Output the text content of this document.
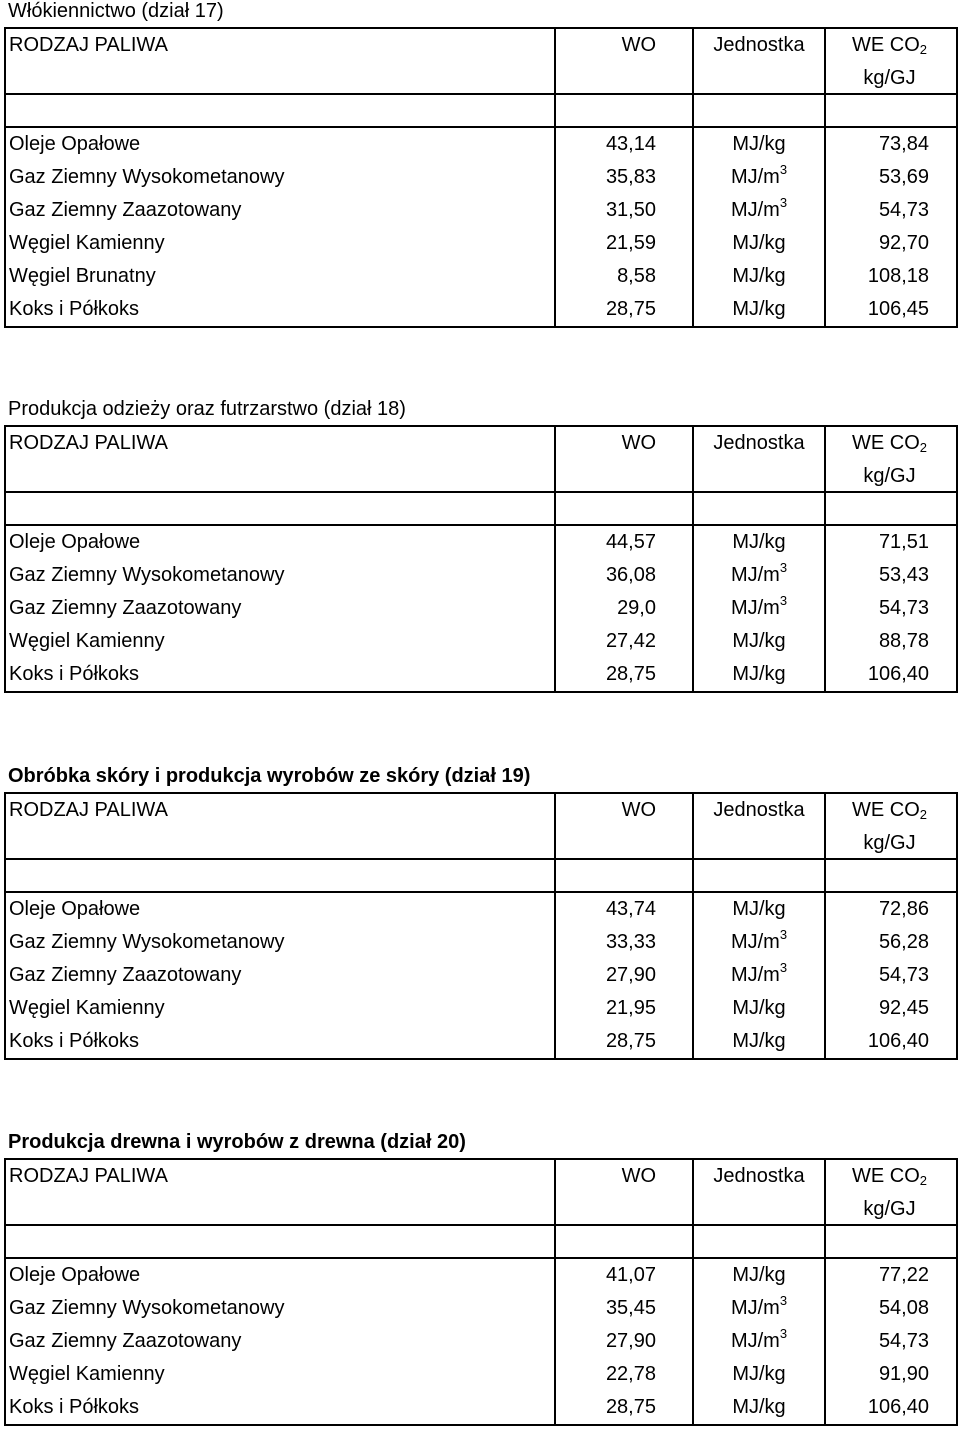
Włókiennictwo (dział 17)
RODZAJ PALIWA	WO	Jednostka	WE $CO_2$
kg/GJ
Oleje Opałowe	43,14	MJ/kg	73,84
Gaz Ziemny Wysokometanowy	35,83	$MJ/m^3$	53,69
Gaz Ziemny Zaazotowany	31,50	$MJ/m^3$	54,73
Węgiel Kamienny	21,59	MJ/kg	92,70
Węgiel Brunatny	8,58	MJ/kg	108,18
Koks i Półkoks	28,75	MJ/kg	106,45
Produkcja odzieży oraz futrzarstwo (dział 18)
RODZAJ PALIWA	WO	Jednostka	WE $CO_2$
kg/GJ
Oleje Opałowe	44,57	MJ/kg	71,51
Gaz Ziemny Wysokometanowy	36,08	$MJ/m^3$	53,43
Gaz Ziemny Zaazotowany	29,0	$MJ/m^3$	54,73
Węgiel Kamienny	27,42	MJ/kg	88,78
Koks i Półkoks	28,75	MJ/kg	106,40
Obróbka skóry i produkcja wyrobów ze skóry (dział 19)
RODZAJ PALIWA	WO	Jednostka	WE $CO_2$
kg/GJ
Oleje Opałowe	43,74	MJ/kg	72,86
Gaz Ziemny Wysokometanowy	33,33	$MJ/m^3$	56,28
Gaz Ziemny Zaazotowany	27,90	$MJ/m^3$	54,73
Węgiel Kamienny	21,95	MJ/kg	92,45
Koks i Półkoks	28,75	MJ/kg	106,40
Produkcja drewna i wyrobów z drewna (dział 20)
RODZAJ PALIWA	WO	Jednostka	WE $CO_2$
kg/GJ
Oleje Opałowe	41,07	MJ/kg	77,22
Gaz Ziemny Wysokometanowy	35,45	$MJ/m^3$	54,08
Gaz Ziemny Zaazotowany	27,90	$MJ/m^3$	54,73
Węgiel Kamienny	22,78	MJ/kg	91,90
Koks i Półkoks	28,75	MJ/kg	106,40
